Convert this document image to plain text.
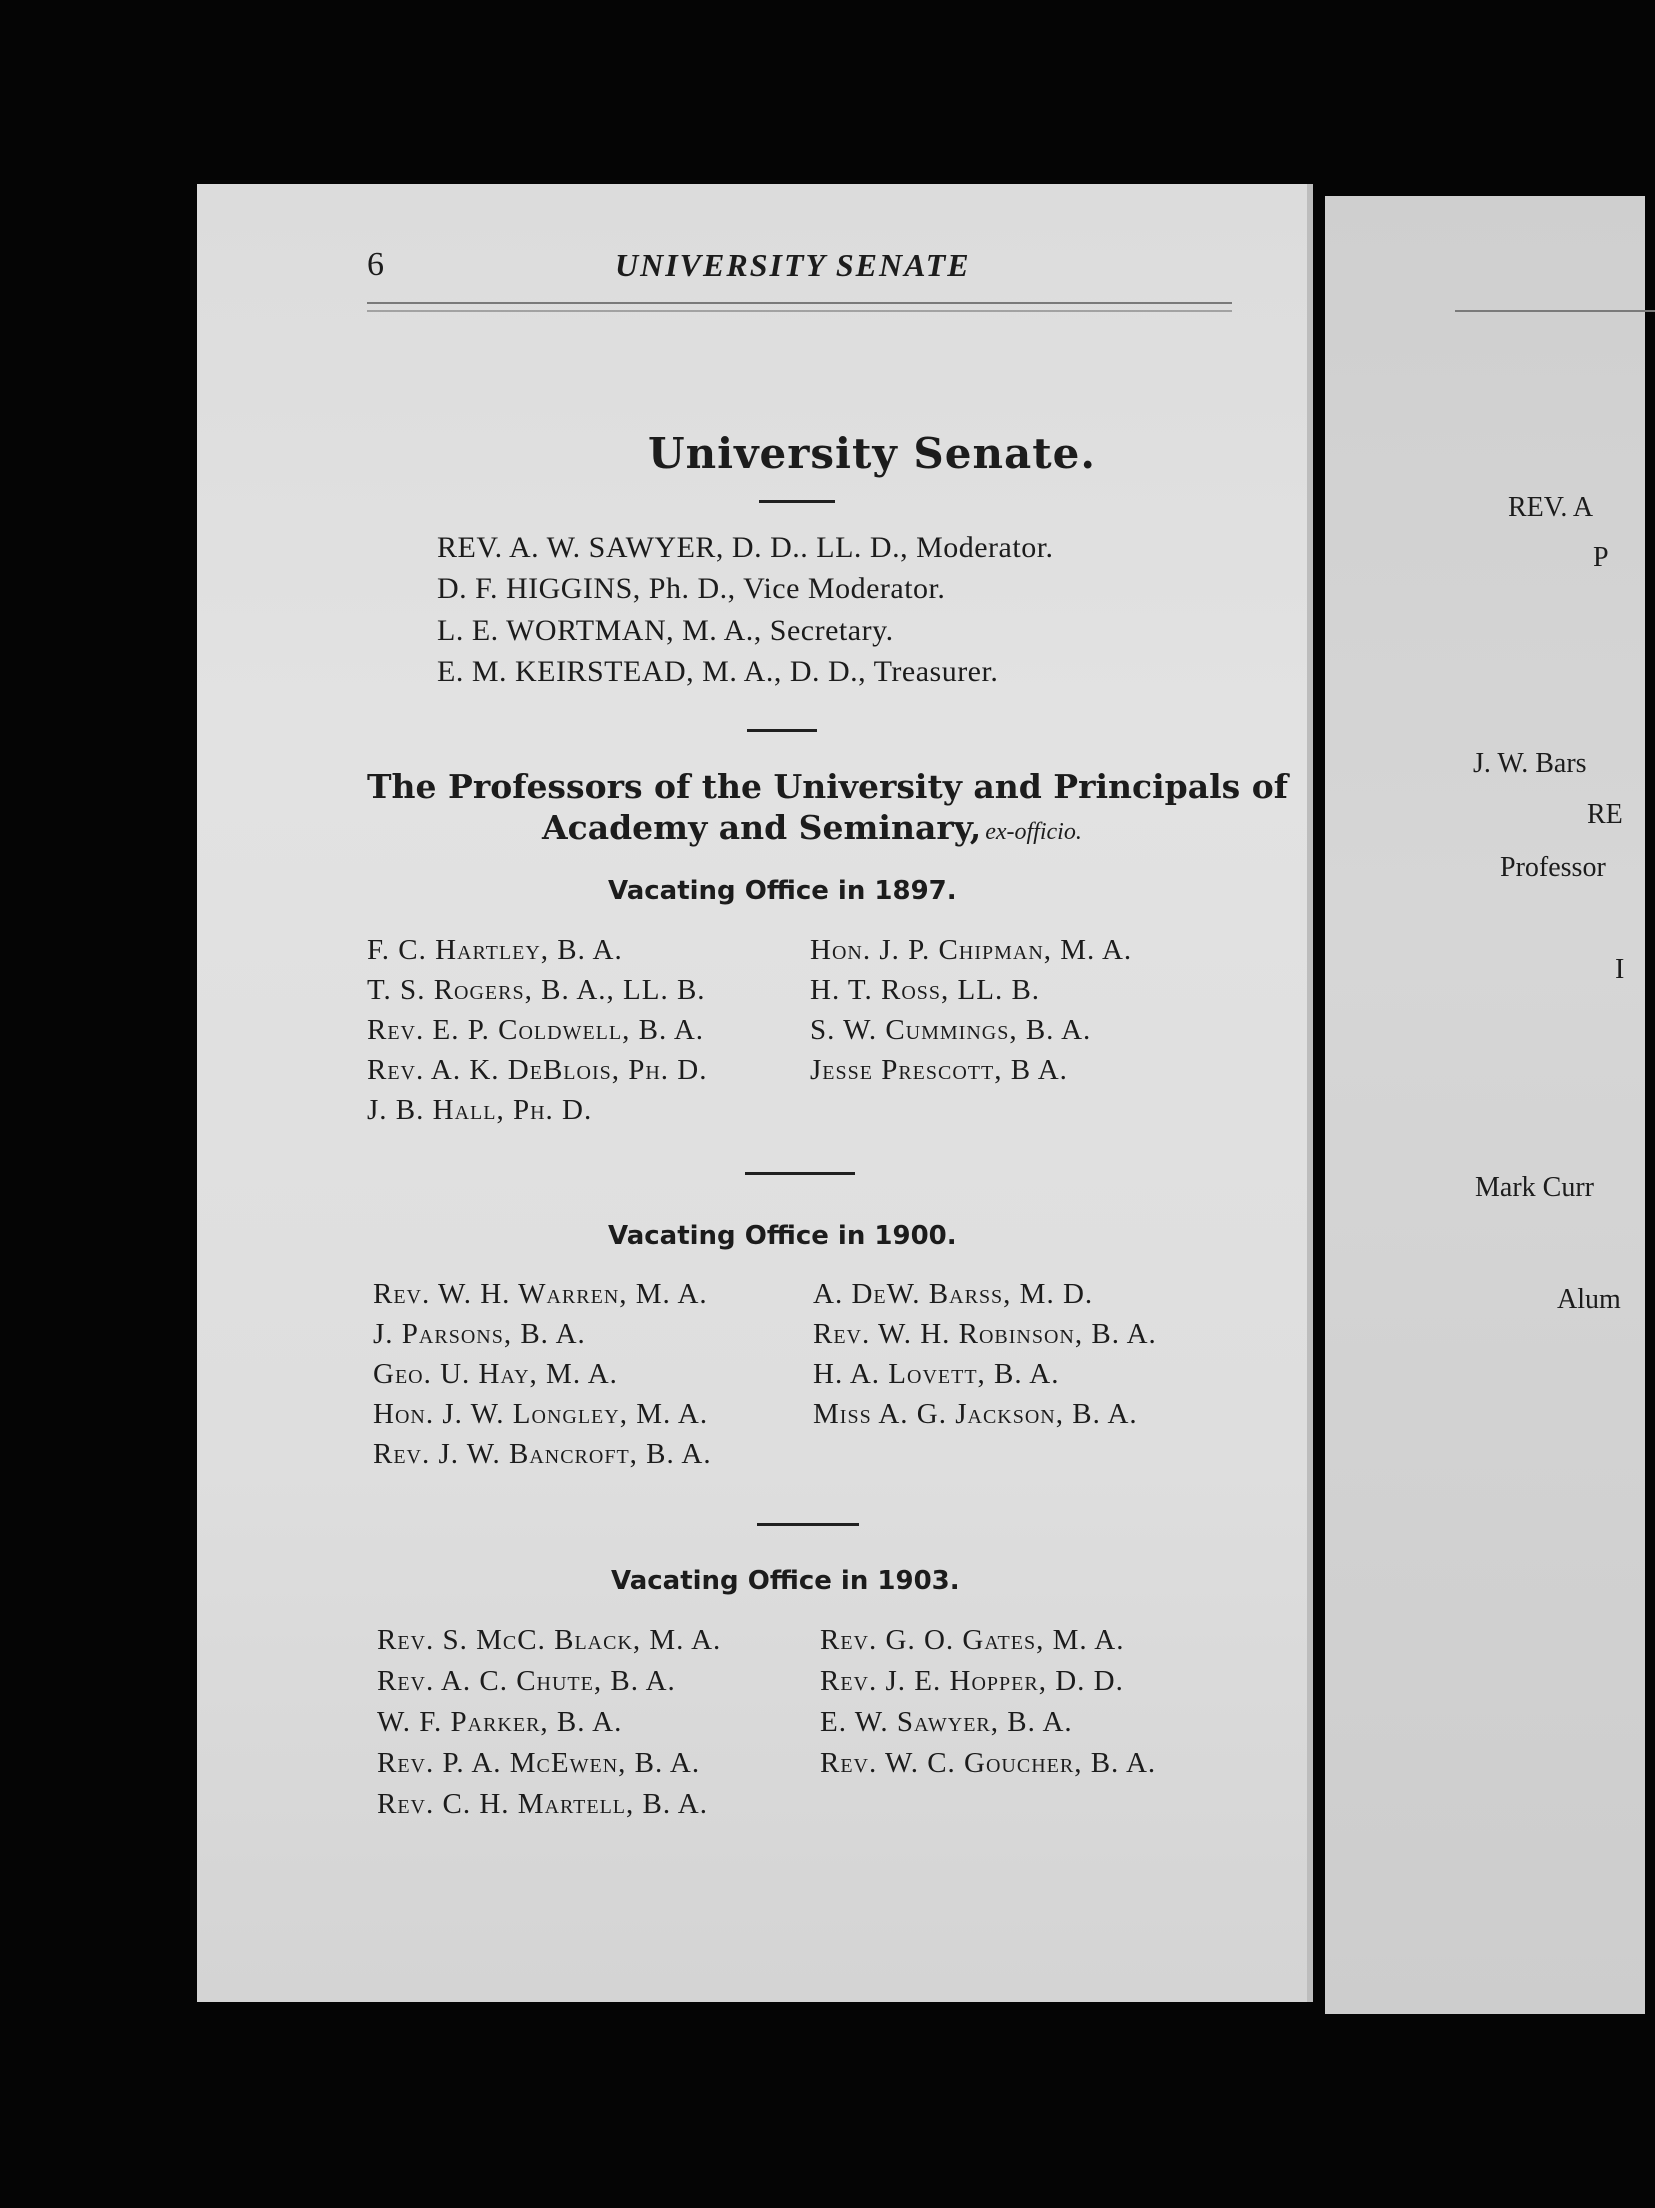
6	UNIVERSITY SENATE
University Senate.
REV. A. W. SAWYER, D. D.. LL. D., Moderator.
D. F. HIGGINS, Ph. D., Vice Moderator.
L. E. WORTMAN, M. A., Secretary.
E. M. KEIRSTEAD, M. A., D. D., Treasurer.
The Professors of the University and Principals of
Academy and Seminary, ex-officio.
Vacating Office in 1897.
F. C. Hartley, B. A.
T. S. Rogers, B. A., LL. B.
Rev. E. P. Coldwell, B. A.
Rev. A. K. DeBlois, Ph. D.
J. B. Hall, Ph. D.
Hon. J. P. Chipman, M. A.
H. T. Ross, LL. B.
S. W. Cummings, B. A.
Jesse Prescott, B A.
Vacating Office in 1900.
Rev. W. H. Warren, M. A.
J. Parsons, B. A.
Geo. U. Hay, M. A.
Hon. J. W. Longley, M. A.
Rev. J. W. Bancroft, B. A.
A. DeW. Barss, M. D.
Rev. W. H. Robinson, B. A.
H. A. Lovett, B. A.
Miss A. G. Jackson, B. A.
Vacating Office in 1903.
Rev. S. McC. Black, M. A.
Rev. A. C. Chute, B. A.
W. F. Parker, B. A.
Rev. P. A. McEwen, B. A.
Rev. C. H. Martell, B. A.
Rev. G. O. Gates, M. A.
Rev. J. E. Hopper, D. D.
E. W. Sawyer, B. A.
Rev. W. C. Goucher, B. A.
REV. A
P
J. W. Bars
RE
Professor
I
Mark Curr
Alum
